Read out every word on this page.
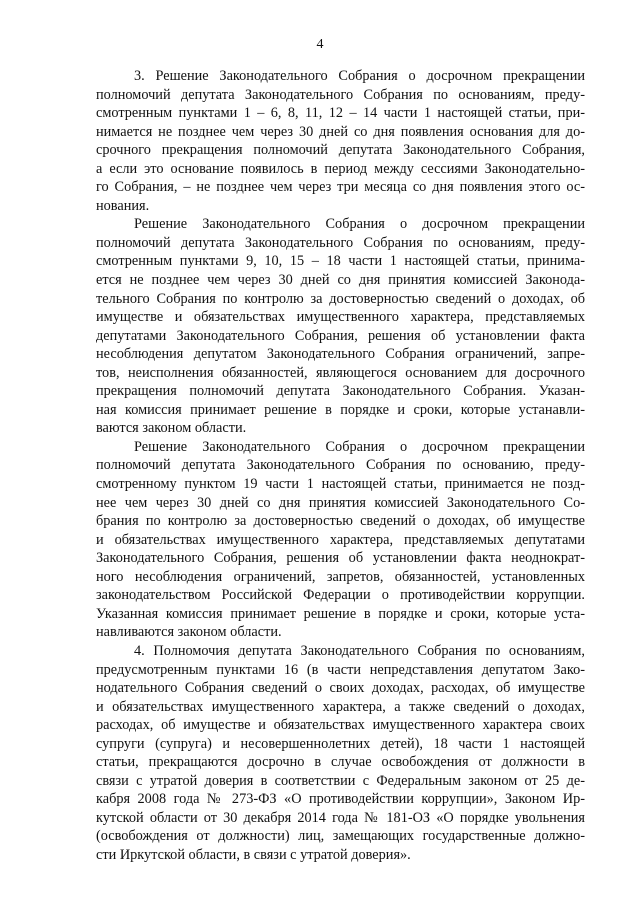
4
3. Решение Законодательного Собрания о досрочном прекращении
полномочий депутата Законодательного Собрания по основаниям, преду-
смотренным пунктами 1 – 6, 8, 11, 12 – 14 части 1 настоящей статьи, при-
нимается не позднее чем через 30 дней со дня появления основания для до-
срочного прекращения полномочий депутата Законодательного Собрания,
а если это основание появилось в период между сессиями Законодательно-
го Собрания, – не позднее чем через три месяца со дня появления этого ос-
нования.
Решение Законодательного Собрания о досрочном прекращении
полномочий депутата Законодательного Собрания по основаниям, преду-
смотренным пунктами 9, 10, 15 – 18 части 1 настоящей статьи, принима-
ется не позднее чем через 30 дней со дня принятия комиссией Законода-
тельного Собрания по контролю за достоверностью сведений о доходах, об
имуществе и обязательствах имущественного характера, представляемых
депутатами Законодательного Собрания, решения об установлении факта
несоблюдения депутатом Законодательного Собрания ограничений, запре-
тов, неисполнения обязанностей, являющегося основанием для досрочного
прекращения полномочий депутата Законодательного Собрания. Указан-
ная комиссия принимает решение в порядке и сроки, которые устанавли-
ваются законом области.
Решение Законодательного Собрания о досрочном прекращении
полномочий депутата Законодательного Собрания по основанию, преду-
смотренному пунктом 19 части 1 настоящей статьи, принимается не позд-
нее чем через 30 дней со дня принятия комиссией Законодательного Со-
брания по контролю за достоверностью сведений о доходах, об имуществе
и обязательствах имущественного характера, представляемых депутатами
Законодательного Собрания, решения об установлении факта неоднократ-
ного несоблюдения ограничений, запретов, обязанностей, установленных
законодательством Российской Федерации о противодействии коррупции.
Указанная комиссия принимает решение в порядке и сроки, которые уста-
навливаются законом области.
4. Полномочия депутата Законодательного Собрания по основаниям,
предусмотренным пунктами 16 (в части непредставления депутатом Зако-
нодательного Собрания сведений о своих доходах, расходах, об имуществе
и обязательствах имущественного характера, а также сведений о доходах,
расходах, об имуществе и обязательствах имущественного характера своих
супруги (супруга) и несовершеннолетних детей), 18 части 1 настоящей
статьи, прекращаются досрочно в случае освобождения от должности в
связи с утратой доверия в соответствии с Федеральным законом от 25 де-
кабря 2008 года № 273-ФЗ «О противодействии коррупции», Законом Ир-
кутской области от 30 декабря 2014 года № 181-ОЗ «О порядке увольнения
(освобождения от должности) лиц, замещающих государственные должно-
сти Иркутской области, в связи с утратой доверия».
